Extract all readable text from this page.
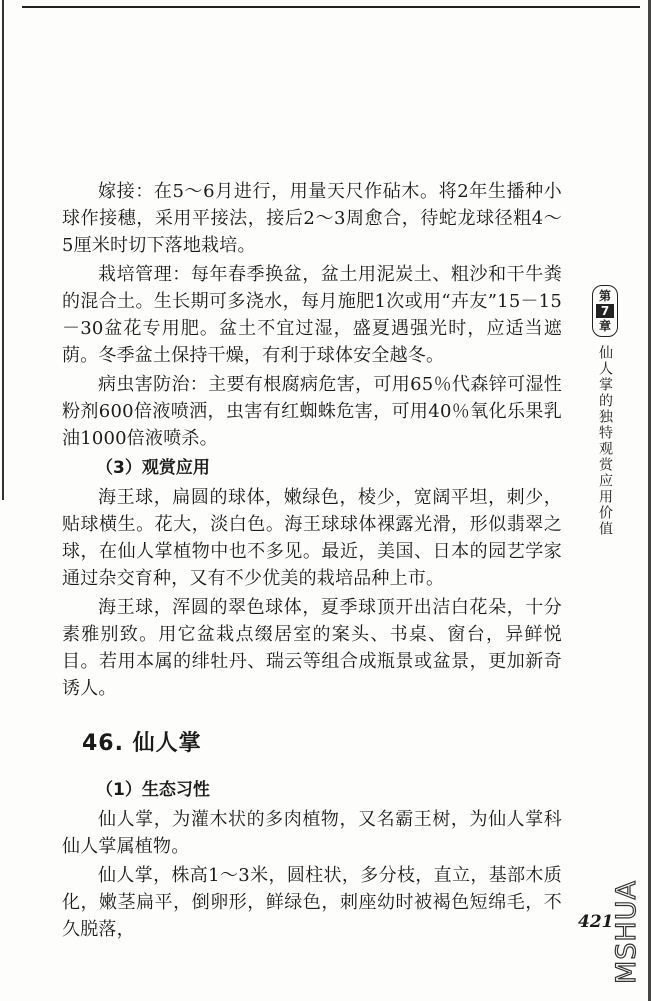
嫁接：在5～6月进行，用量天尺作砧木。将2年生播种小球作接穗，采用平接法，接后2～3周愈合，待蛇龙球径粗4～5厘米时切下落地栽培。

栽培管理：每年春季换盆，盆土用泥炭土、粗沙和干牛粪的混合土。生长期可多浇水，每月施肥1次或用“卉友”15－15－30盆花专用肥。盆土不宜过湿，盛夏遇强光时，应适当遮荫。冬季盆土保持干燥，有利于球体安全越冬。

病虫害防治：主要有根腐病危害，可用65％代森锌可湿性粉剂600倍液喷洒，虫害有红蜘蛛危害，可用40％氧化乐果乳油1000倍液喷杀。

（3）观赏应用

海王球，扁圆的球体，嫩绿色，棱少，宽阔平坦，刺少，贴球横生。花大，淡白色。海王球球体裸露光滑，形似翡翠之球，在仙人掌植物中也不多见。最近，美国、日本的园艺学家通过杂交育种，又有不少优美的栽培品种上市。

海王球，浑圆的翠色球体，夏季球顶开出洁白花朵，十分素雅别致。用它盆栽点缀居室的案头、书桌、窗台，异鲜悦目。若用本属的绯牡丹、瑞云等组合成瓶景或盆景，更加新奇诱人。

46. 仙人掌
（1）生态习性

仙人掌，为灌木状的多肉植物，又名霸王树，为仙人掌科仙人掌属植物。

仙人掌，株高1～3米，圆柱状，多分枝，直立，基部木质化，嫩茎扁平，倒卵形，鲜绿色，刺座幼时被褐色短绵毛，不久脱落，

第
7
章
仙人掌的独特观赏应用价值
421
MSHUA
